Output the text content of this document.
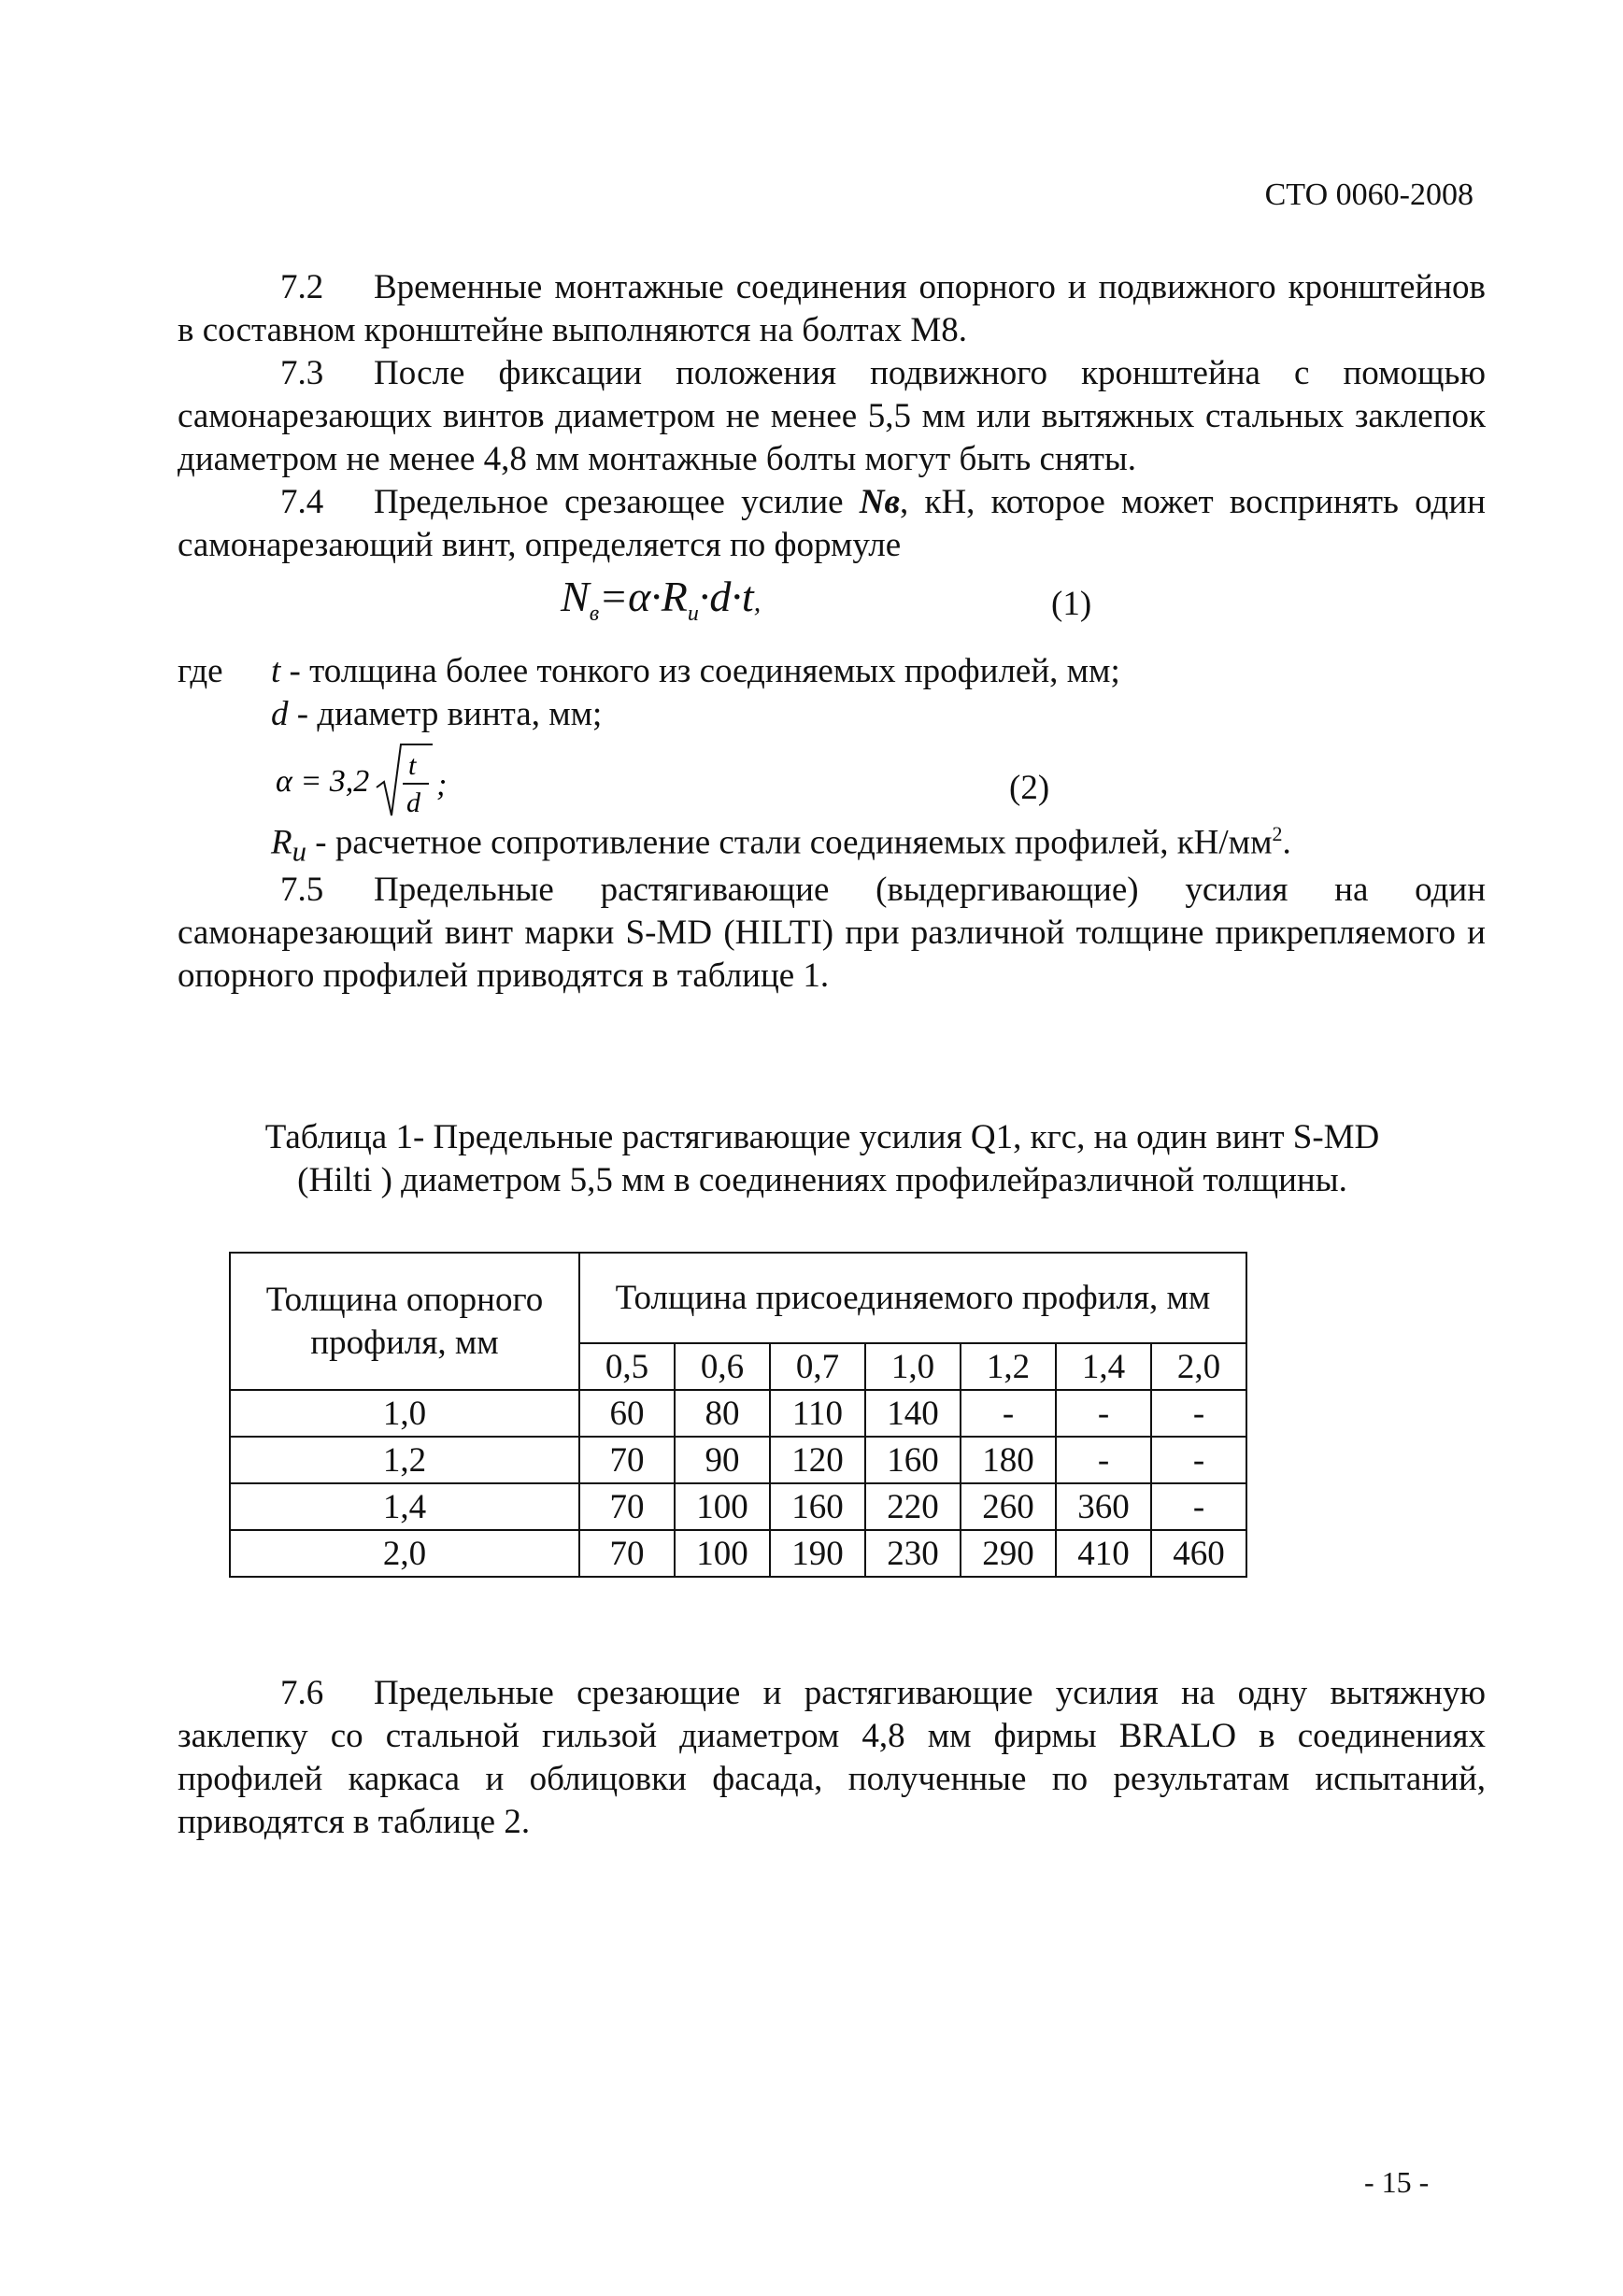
СТО 0060-2008

7.2 Временные монтажные соединения опорного и подвижного кронштейнов в составном кронштейне выполняются на болтах М8.

7.3 После фиксации положения подвижного кронштейна с помощью самонарезающих винтов диаметром не менее 5,5 мм или вытяжных стальных заклепок диаметром не менее 4,8 мм монтажные болты могут быть сняты.

7.4 Предельное срезающее усилие Nв, кН, которое может воспринять один самонарезающий винт, определяется по формуле

$N_в=\alpha\cdot R_u\cdot d\cdot t$,	(1)
где t - толщина более тонкого из соединяемых профилей, мм;
d - диаметр винта, мм;
α = 3,2 t
d
;	(2)
$R_u$ - расчетное сопротивление стали соединяемых профилей, $кН/мм^2$.

7.5 Предельные растягивающие (выдергивающие) усилия на один самонарезающий винт марки S-MD (HILTI) при различной толщине прикрепляемого и опорного профилей приводятся в таблице 1.

Таблица 1- Предельные растягивающие усилия Q1, кгс, на один винт S-MD
(Hilti ) диаметром 5,5 мм в соединениях профилейразличной толщины.
Толщина опорного профиля, мм	Толщина присоединяемого профиля, мм						
	0,5	0,6	0,7	1,0	1,2	1,4	2,0
1,0	60	80	110	140	-	-	-
1,2	70	90	120	160	180	-	-
1,4	70	100	160	220	260	360	-
2,0	70	100	190	230	290	410	460

7.6 Предельные срезающие и растягивающие усилия на одну вытяжную заклепку со стальной гильзой диаметром 4,8 мм фирмы BRALO в соединениях профилей каркаса и облицовки фасада, полученные по результатам испытаний, приводятся в таблице 2.

- 15 -
